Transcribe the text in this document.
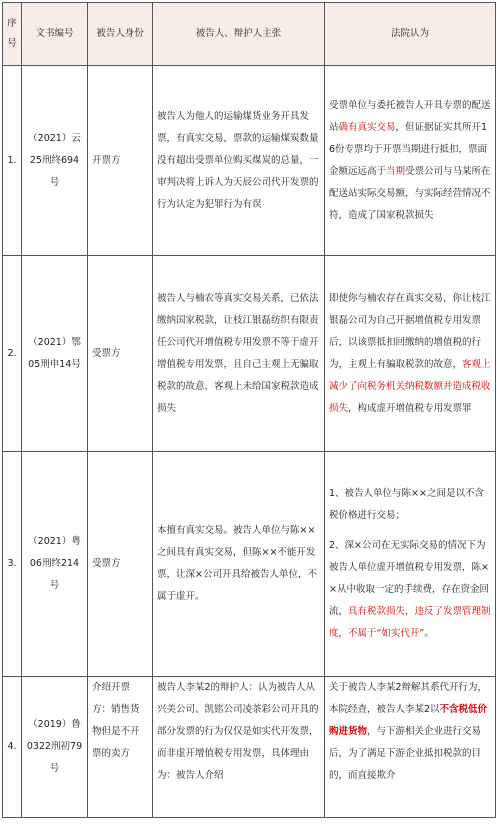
序号	文书编号	被告人身份	被告人、辩护人主张	法院认为
1.	（2021）云25刑终694号	开票方	被告人为他人的运输煤货业务开具发票，有真实交易，票款的运输煤炭数量没有超出受票单位购买煤炭的总量，一审判决将上诉人为天辰公司代开发票的行为认定为犯罪行为有误	受票单位与委托被告人开具专票的配送站确有真实交易，但证据证实其所开16份专票均于开票当期进行抵扣，票面金额远远高于当期受票公司与马某所在配送站实际交易额，与实际经营情况不符，造成了国家税款损失
2.	（2021）鄂05刑申14号	受票方	被告人与楠农等真实交易关系，已依法缴纳国家税款，让枝江银磊纺织有限责任公司代开增值税专用发票不等于虚开增值税专用发票，且自己主观上无骗取税款的故意，客观上未给国家税款造成损失	即使你与楠农存在真实交易，你让枝江银磊公司为自己开据增值税专用发票后，以该票抵扣回缴纳的增值税的行为，主观上有骗取税款的故意，客观上减少了向税务机关纳税数额并造成税收损失，构成虚开增值税专用发票罪
3.	（2021）粤06刑终214号	受票方	本擅有真实交易。被告人单位与陈××之间具有真实交易，但陈××不能开发票，让深×公司开具给被告人单位，不属于虚开。	1、被告人单位与陈××之间是以不含税价格进行交易；
2、深×公司在无实际交易的情况下为被告人单位虚开增值税专用发票，陈××从中收取一定的手续费，存在资金回流，具有税款损失，违反了发票管理制度，不属于“如实代开”。
4.	（2019）鲁0322刑初79号	介绍开票方：销售货物但是不开票的卖方	被告人李某2的辩护人：认为被告人从兴美公司、凯铭公司凌茶彩公司开具的部分发票的行为仅仅是如实代开发票，而非虚开增值税专用发票，具体理由为：被告人介绍	关于被告人李某2辩解其系代开行为，本院经查，被告人李某2以不含税低价购进货物，与下游相关企业进行交易后，为了满足下游企业抵扣税款的目的，而直接欺介
